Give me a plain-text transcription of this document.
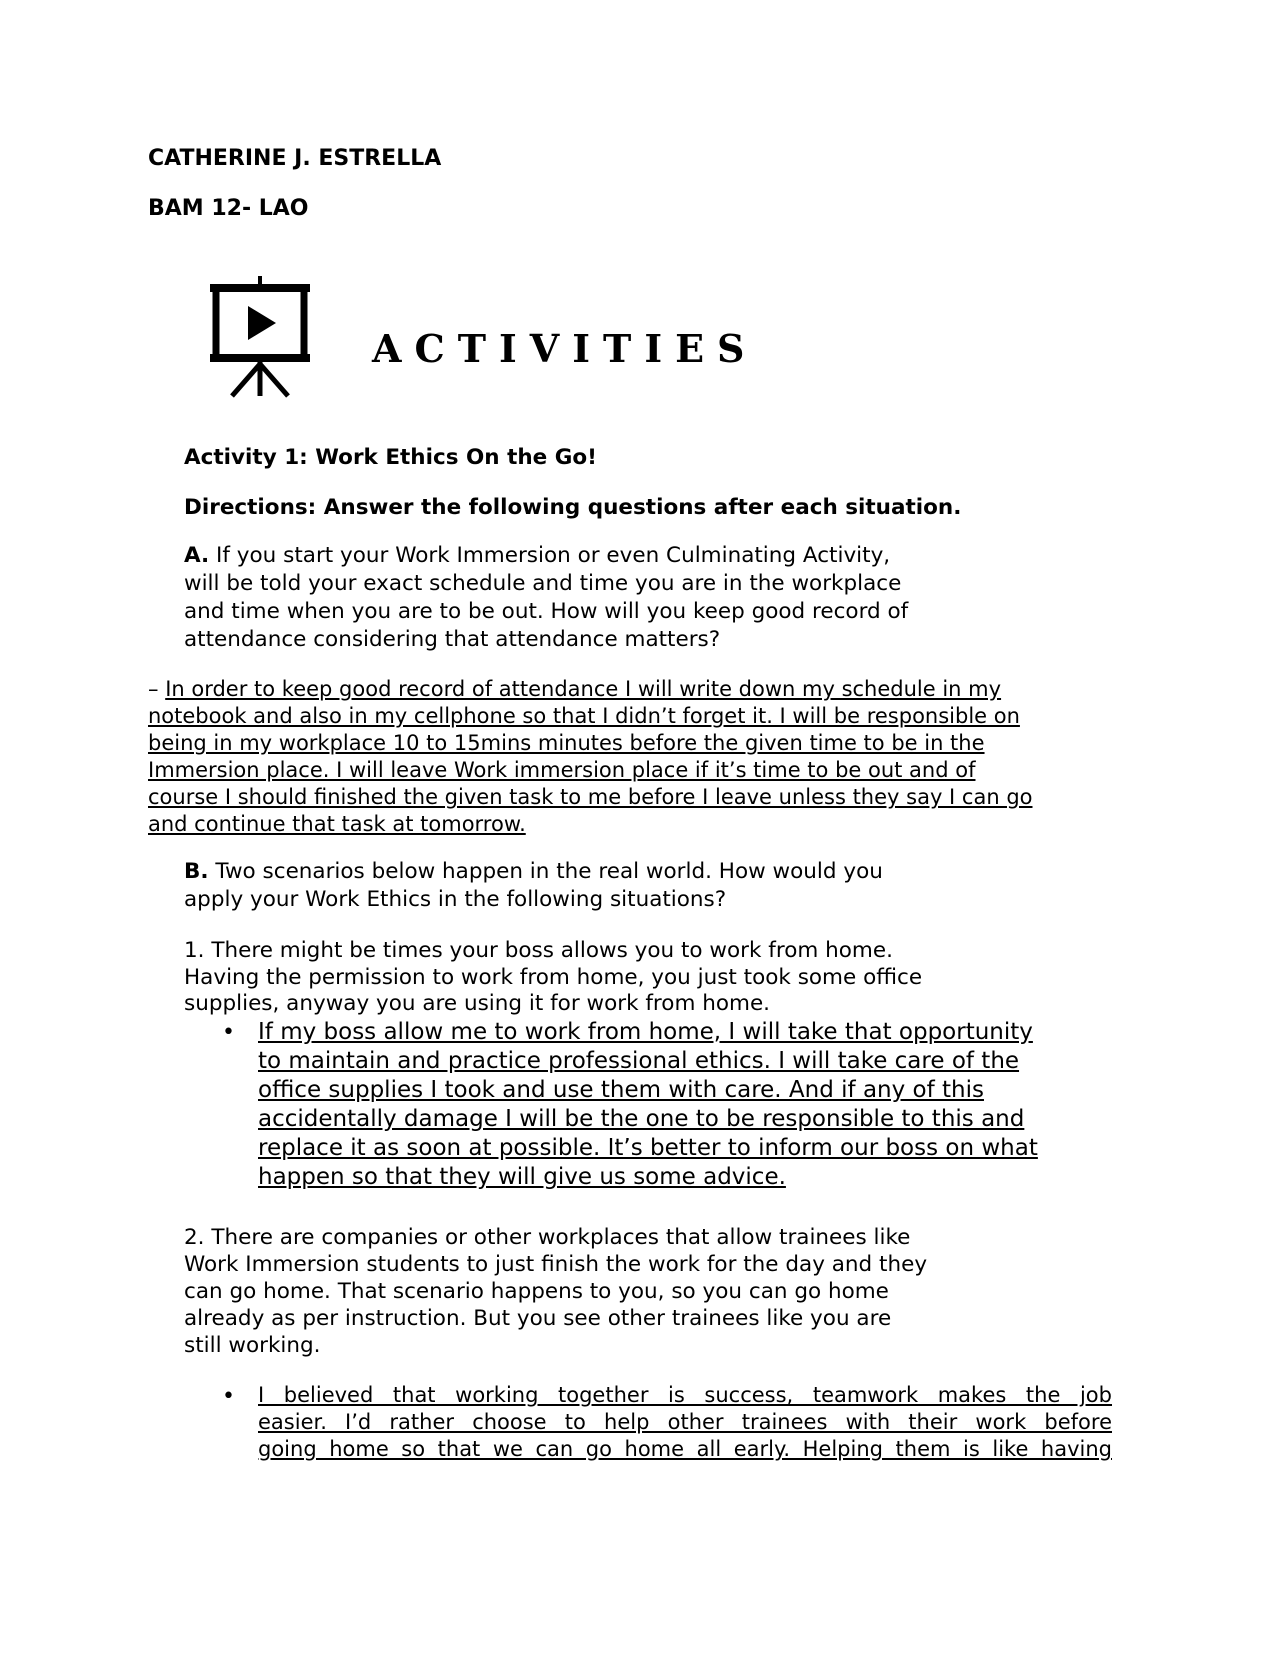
CATHERINE J. ESTRELLA
BAM 12- LAO
ACTIVITIES
Activity 1: Work Ethics On the Go!
Directions: Answer the following questions after each situation.
A. If you start your Work Immersion or even Culminating Activity,
will be told your exact schedule and time you are in the workplace
and time when you are to be out. How will you keep good record of
attendance considering that attendance matters?
– In order to keep good record of attendance I will write down my schedule in my
notebook and also in my cellphone so that I didn’t forget it. I will be responsible on
being in my workplace 10 to 15mins minutes before the given time to be in the
Immersion place. I will leave Work immersion place if it’s time to be out and of
course I should finished the given task to me before I leave unless they say I can go
and continue that task at tomorrow.
B. Two scenarios below happen in the real world. How would you
apply your Work Ethics in the following situations?
1. There might be times your boss allows you to work from home.
Having the permission to work from home, you just took some office
supplies, anyway you are using it for work from home.
• If my boss allow me to work from home, I will take that opportunity
to maintain and practice professional ethics. I will take care of the
office supplies I took and use them with care. And if any of this
accidentally damage I will be the one to be responsible to this and
replace it as soon at possible. It’s better to inform our boss on what
happen so that they will give us some advice.
2. There are companies or other workplaces that allow trainees like
Work Immersion students to just finish the work for the day and they
can go home. That scenario happens to you, so you can go home
already as per instruction. But you see other trainees like you are
still working.
• I believed that working together is success, teamwork makes the job
easier. I’d rather choose to help other trainees with their work before
going home so that we can go home all early. Helping them is like having
